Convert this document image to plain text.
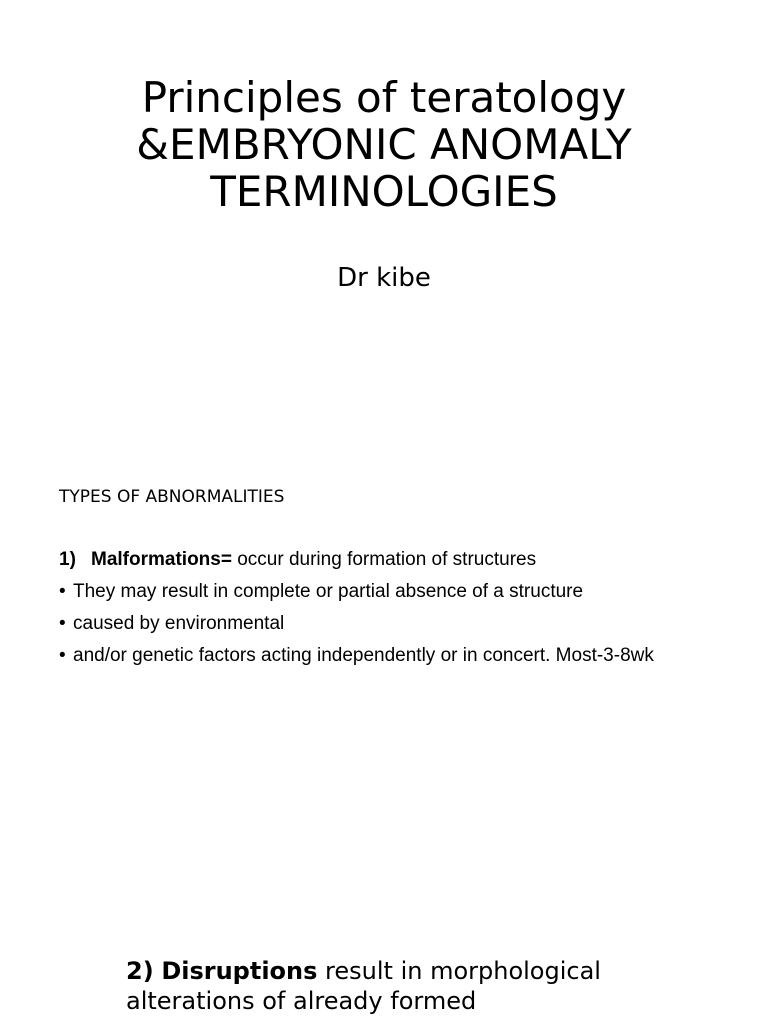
Principles of teratology
&EMBRYONIC ANOMALY
TERMINOLOGIES

Dr kibe

TYPES OF ABNORMALITIES
1) Malformations= occur during formation of structures
• They may result in complete or partial absence of a structure
• caused by environmental
• and/or genetic factors acting independently or in concert. Most-3-8wk

2) Disruptions result in morphological alterations of already formed
